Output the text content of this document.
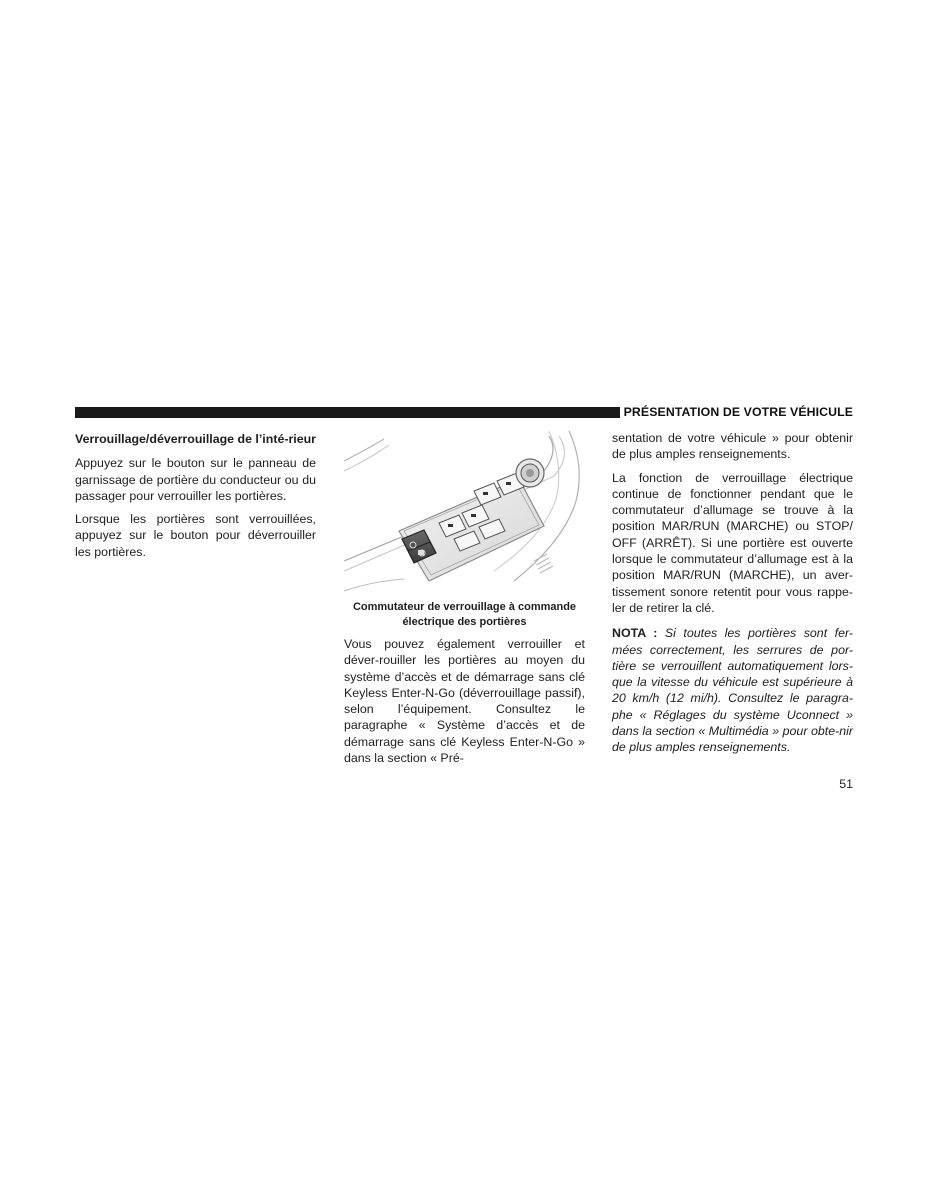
PRÉSENTATION DE VOTRE VÉHICULE
Verrouillage/déverrouillage de l’inté-rieur

Appuyez sur le bouton sur le panneau de garnissage de portière du conducteur ou du passager pour verrouiller les portières.

Lorsque les portières sont verrouillées, appuyez sur le bouton pour déverrouiller les portières.

Commutateur de verrouillage à commande électrique des portières

Vous pouvez également verrouiller et déver-rouiller les portières au moyen du système d’accès et de démarrage sans clé Keyless Enter-N-Go (déverrouillage passif), selon l’équipement. Consultez le paragraphe « Système d’accès et de démarrage sans clé Keyless Enter-N-Go » dans la section « Pré-

sentation de votre véhicule » pour obtenir de plus amples renseignements.

La fonction de verrouillage électrique continue de fonctionner pendant que le commutateur d’allumage se trouve à la position MAR/RUN (MARCHE) ou STOP/ OFF (ARRÊT). Si une portière est ouverte lorsque le commutateur d’allumage est à la position MAR/RUN (MARCHE), un aver-tissement sonore retentit pour vous rappe-ler de retirer la clé.

NOTA : Si toutes les portières sont fer-mées correctement, les serrures de por-tière se verrouillent automatiquement lors-que la vitesse du véhicule est supérieure à 20 km/h (12 mi/h). Consultez le paragra-phe « Réglages du système Uconnect » dans la section « Multimédia » pour obte-nir de plus amples renseignements.

51
